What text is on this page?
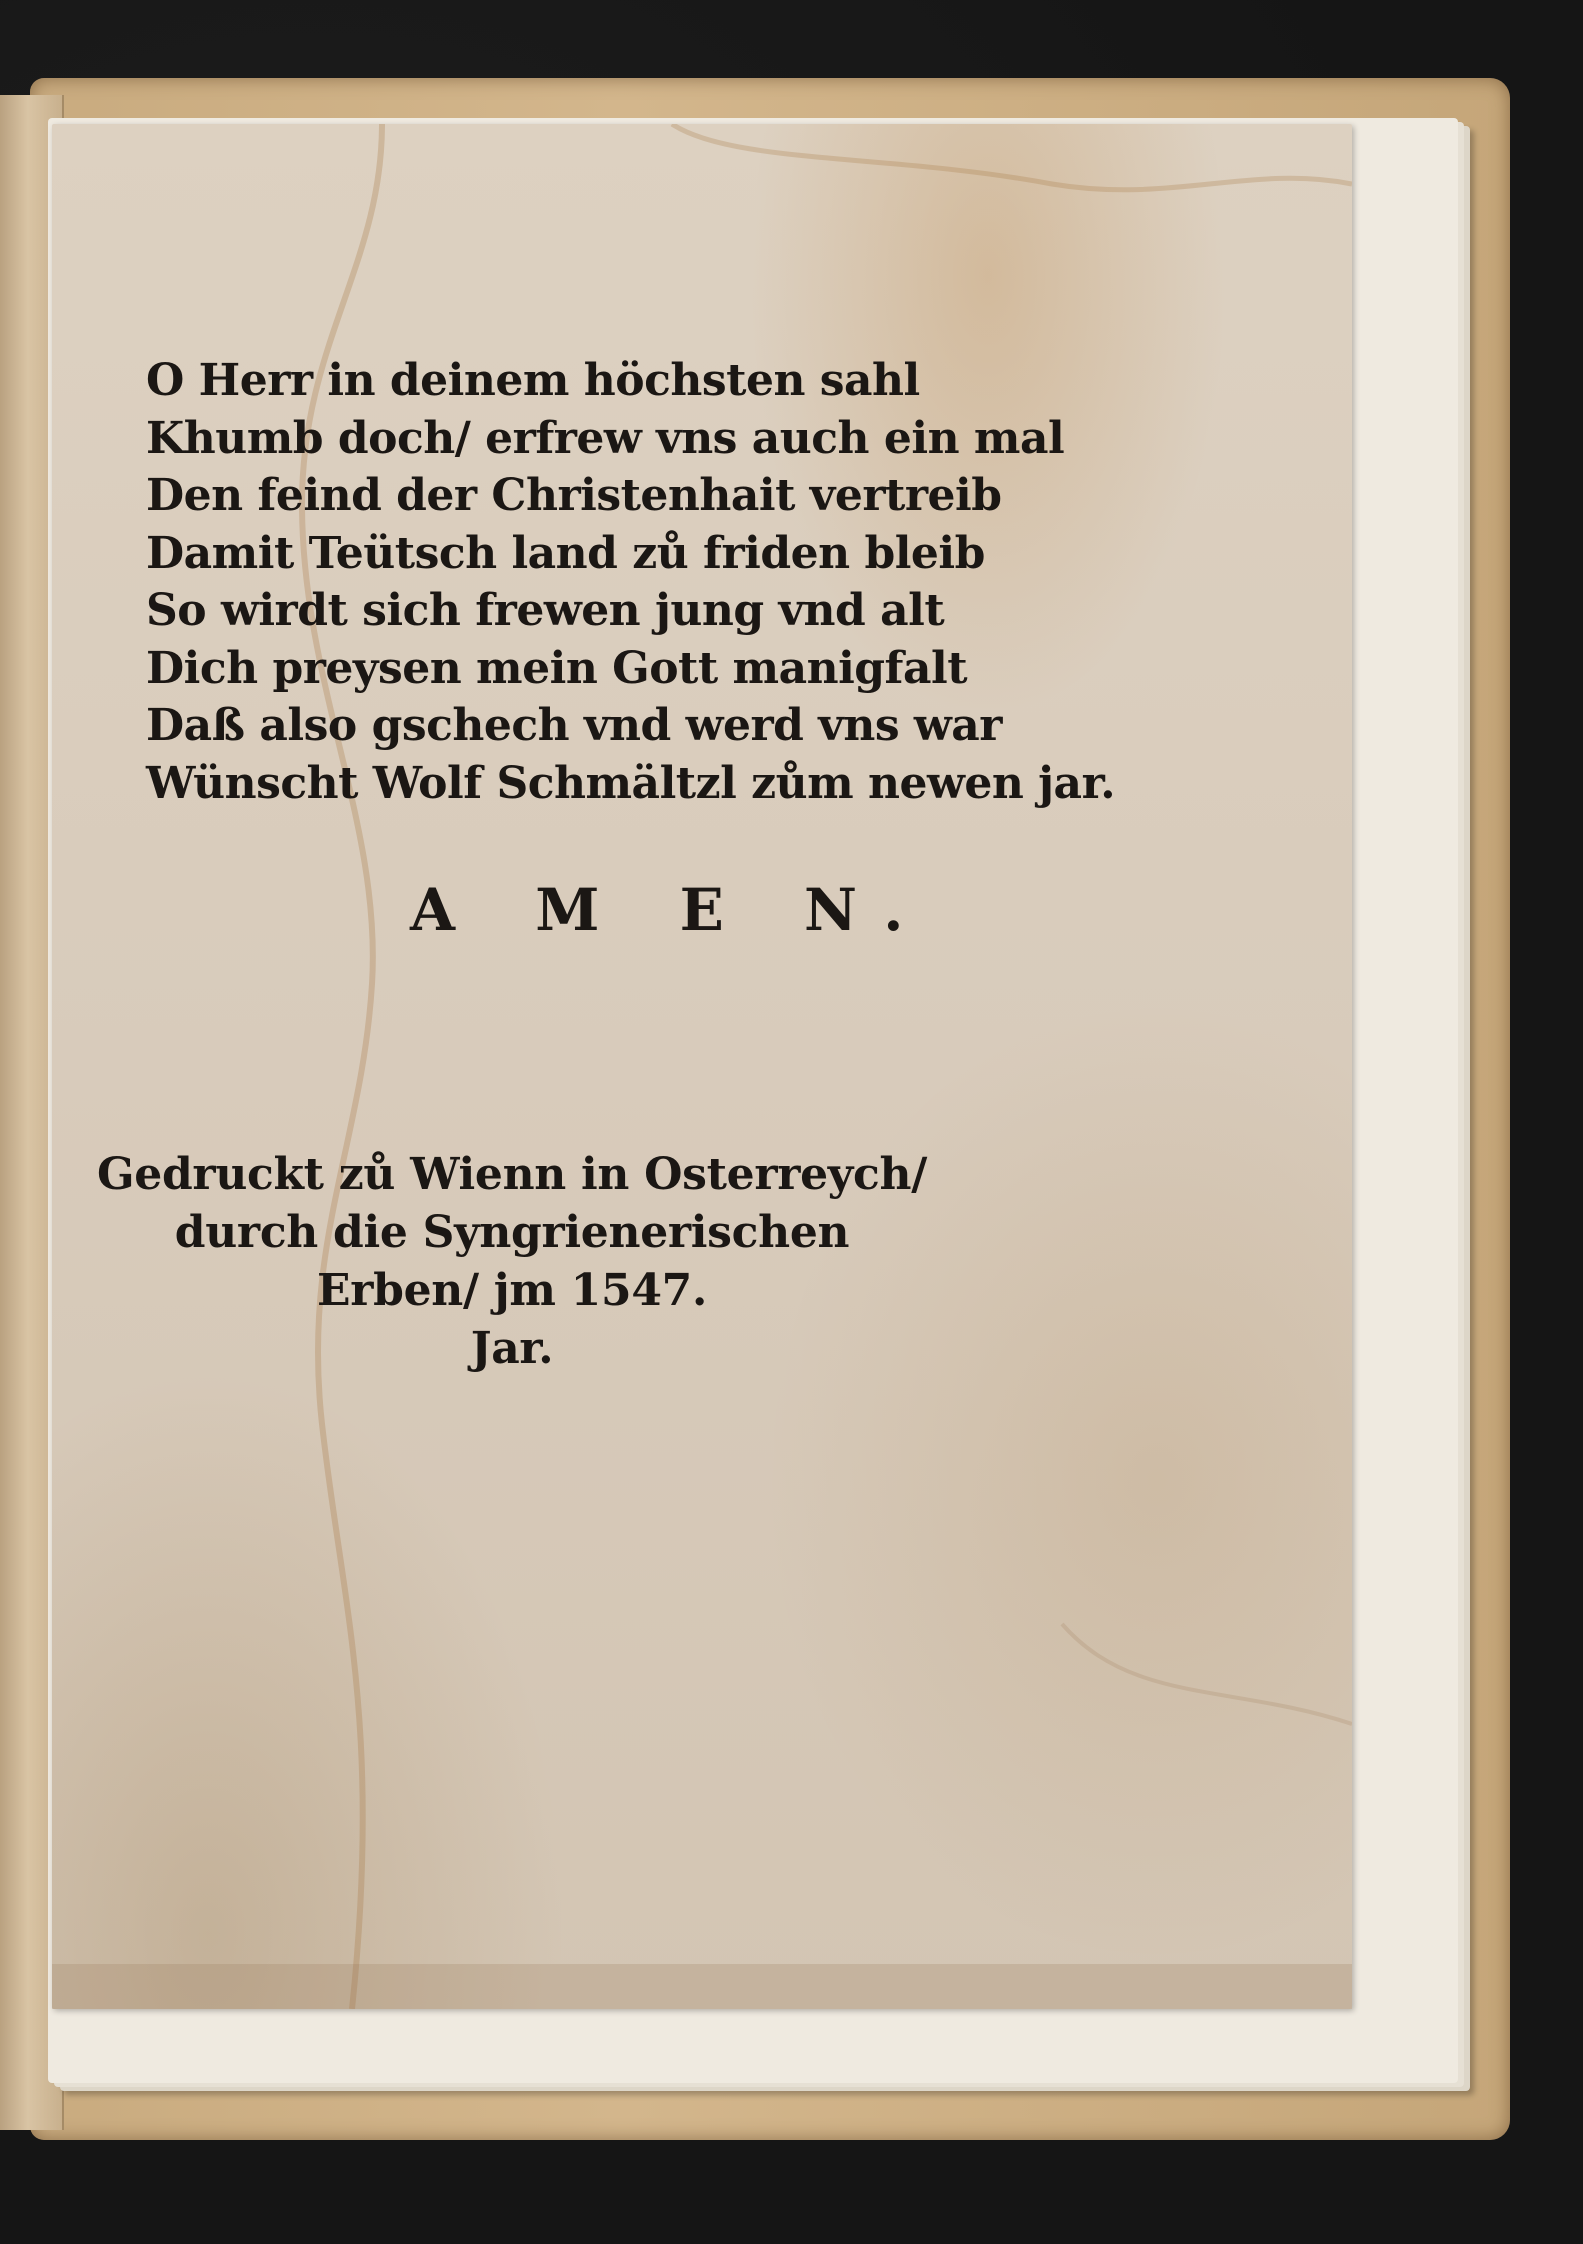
O Herr in deinem höchsten sahl
Khumb doch/ erfrew vns auch ein mal
Den feind der Christenhait vertreib
Damit Teütsch land zů friden bleib
So wirdt sich frewen jung vnd alt
Dich preysen mein Gott manigfalt
Daß also gschech vnd werd vns war
Wünscht Wolf Schmältzl zům newen jar.
A M E N.
Gedruckt zů Wienn in Osterreych/
durch die Syngrienerischen
Erben/ jm 1547.
Jar.
